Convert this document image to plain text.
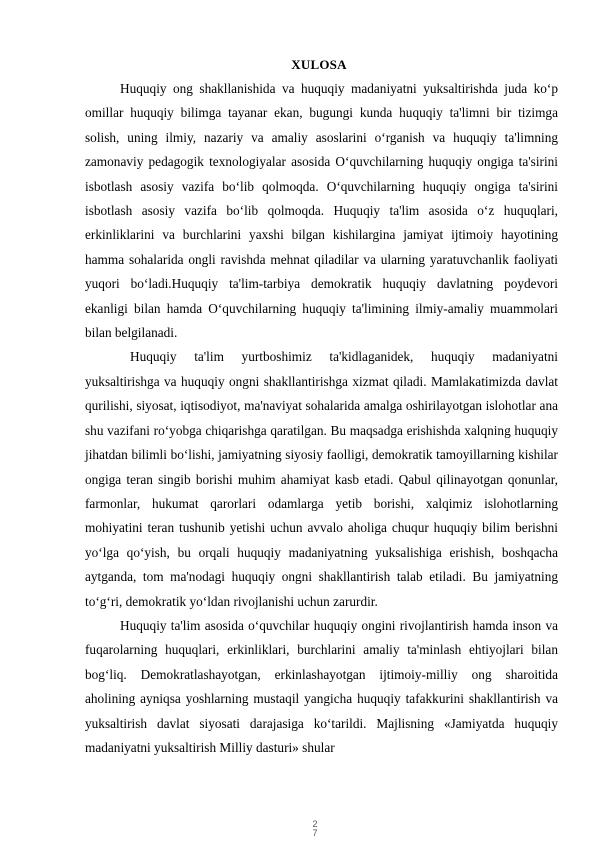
XULOSA

Huquqiy ong shakllanishida va huquqiy madaniyatni yuksaltirishda juda ko‘p omillar huquqiy bilimga tayanar ekan, bugungi kunda huquqiy ta'limni bir tizimga solish, uning ilmiy, nazariy va amaliy asoslarini o‘rganish va huquqiy ta'limning zamonaviy pedagogik texnologiyalar asosida O‘quvchilarning huquqiy ongiga ta'sirini isbotlash asosiy vazifa bo‘lib qolmoqda. O‘quvchilarning huquqiy ongiga ta'sirini isbotlash asosiy vazifa bo‘lib qolmoqda. Huquqiy ta'lim asosida o‘z huquqlari, erkinliklarini va burchlarini yaxshi bilgan kishilargina jamiyat ijtimoiy hayotining hamma sohalarida ongli ravishda mehnat qiladilar va ularning yaratuvchanlik faoliyati yuqori bo‘ladi.Huquqiy ta'lim-tarbiya demokratik huquqiy davlatning poydevori ekanligi bilan hamda O‘quvchilarning huquqiy ta'limining ilmiy-amaliy muammolari bilan belgilanadi.

Huquqiy ta'lim yurtboshimiz ta'kidlaganidek, huquqiy madaniyatni yuksaltirishga va huquqiy ongni shakllantirishga xizmat qiladi. Mamlakatimizda davlat qurilishi, siyosat, iqtisodiyot, ma'naviyat sohalarida amalga oshirilayotgan islohotlar ana shu vazifani ro‘yobga chiqarishga qaratilgan. Bu maqsadga erishishda xalqning huquqiy jihatdan bilimli bo‘lishi, jamiyatning siyosiy faolligi, demokratik tamoyillarning kishilar ongiga teran singib borishi muhim ahamiyat kasb etadi. Qabul qilinayotgan qonunlar, farmonlar, hukumat qarorlari odamlarga yetib borishi, xalqimiz islohotlarning mohiyatini teran tushunib yetishi uchun avvalo aholiga chuqur huquqiy bilim berishni yo‘lga qo‘yish, bu orqali huquqiy madaniyatning yuksalishiga erishish, boshqacha aytganda, tom ma'nodagi huquqiy ongni shakllantirish talab etiladi. Bu jamiyatning to‘g‘ri, demokratik yo‘ldan rivojlanishi uchun zarurdir.

Huquqiy ta'lim asosida o‘quvchilar huquqiy ongini rivojlantirish hamda inson va fuqarolarning huquqlari, erkinliklari, burchlarini amaliy ta'minlash ehtiyojlari bilan bog‘liq. Demokratlashayotgan, erkinlashayotgan ijtimoiy-milliy ong sharoitida aholining ayniqsa yoshlarning mustaqil yangicha huquqiy tafakkurini shakllantirish va yuksaltirish davlat siyosati darajasiga ko‘tarildi. Majlisning «Jamiyatda huquqiy madaniyatni yuksaltirish Milliy dasturi» shular

2
7
